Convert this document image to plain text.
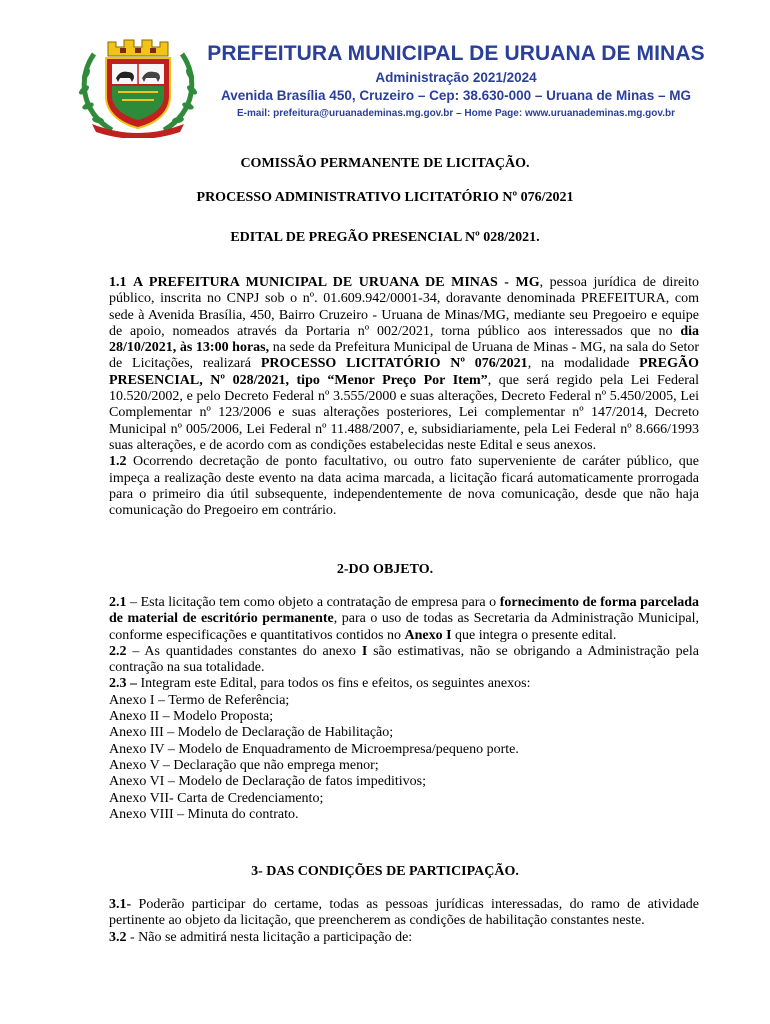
PREFEITURA MUNICIPAL DE URUANA DE MINAS
Administração 2021/2024
Avenida Brasília 450, Cruzeiro – Cep: 38.630-000 – Uruana de Minas – MG
E-mail: prefeitura@uruanademinas.mg.gov.br – Home Page: www.uruanademinas.mg.gov.br
COMISSÃO PERMANENTE DE LICITAÇÃO.
PROCESSO ADMINISTRATIVO LICITATÓRIO Nº 076/2021
EDITAL DE PREGÃO PRESENCIAL Nº 028/2021.

1.1 A PREFEITURA MUNICIPAL DE URUANA DE MINAS - MG, pessoa jurídica de direito público, inscrita no CNPJ sob o nº. 01.609.942/0001-34, doravante denominada PREFEITURA, com sede à Avenida Brasília, 450, Bairro Cruzeiro - Uruana de Minas/MG, mediante seu Pregoeiro e equipe de apoio, nomeados através da Portaria nº 002/2021, torna público aos interessados que no dia 28/10/2021, às 13:00 horas, na sede da Prefeitura Municipal de Uruana de Minas - MG, na sala do Setor de Licitações, realizará PROCESSO LICITATÓRIO Nº 076/2021, na modalidade PREGÃO PRESENCIAL, Nº 028/2021, tipo “Menor Preço Por Item”, que será regido pela Lei Federal 10.520/2002, e pelo Decreto Federal nº 3.555/2000 e suas alterações, Decreto Federal nº 5.450/2005, Lei Complementar nº 123/2006 e suas alterações posteriores, Lei complementar nº 147/2014, Decreto Municipal nº 005/2006, Lei Federal nº 11.488/2007, e, subsidiariamente, pela Lei Federal nº 8.666/1993 suas alterações, e de acordo com as condições estabelecidas neste Edital e seus anexos.

1.2 Ocorrendo decretação de ponto facultativo, ou outro fato superveniente de caráter público, que impeça a realização deste evento na data acima marcada, a licitação ficará automaticamente prorrogada para o primeiro dia útil subsequente, independentemente de nova comunicação, desde que não haja comunicação do Pregoeiro em contrário.

2-DO OBJETO.

2.1 – Esta licitação tem como objeto a contratação de empresa para o fornecimento de forma parcelada de material de escritório permanente, para o uso de todas as Secretaria da Administração Municipal, conforme especificações e quantitativos contidos no Anexo I que integra o presente edital.

2.2 – As quantidades constantes do anexo I são estimativas, não se obrigando a Administração pela contração na sua totalidade.

2.3 – Integram este Edital, para todos os fins e efeitos, os seguintes anexos:

Anexo I – Termo de Referência;
Anexo II – Modelo Proposta;
Anexo III – Modelo de Declaração de Habilitação;
Anexo IV – Modelo de Enquadramento de Microempresa/pequeno porte.
Anexo V – Declaração que não emprega menor;
Anexo VI – Modelo de Declaração de fatos impeditivos;
Anexo VII- Carta de Credenciamento;
Anexo VIII – Minuta do contrato.
3- DAS CONDIÇÕES DE PARTICIPAÇÃO.

3.1- Poderão participar do certame, todas as pessoas jurídicas interessadas, do ramo de atividade pertinente ao objeto da licitação, que preencherem as condições de habilitação constantes neste.

3.2 - Não se admitirá nesta licitação a participação de:
